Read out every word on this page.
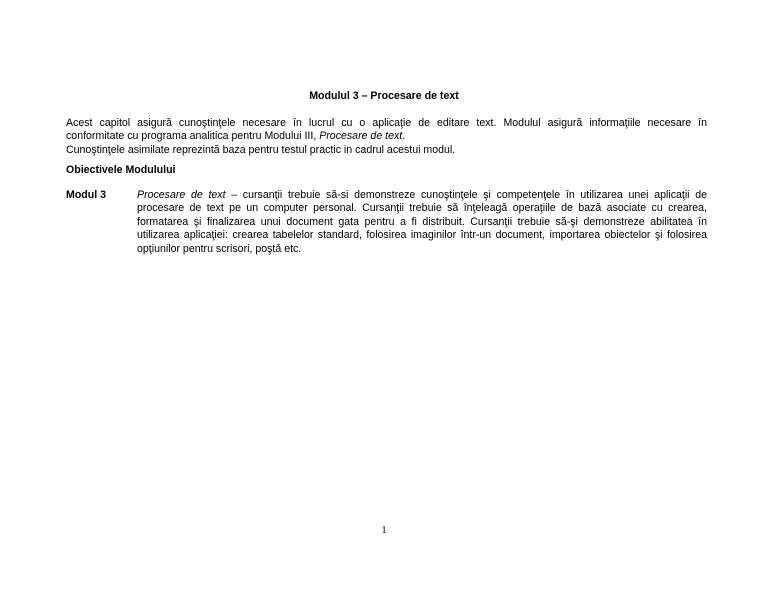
Modulul 3 – Procesare de text

Acest capitol asigură cunoştinţele necesare în lucrul cu o aplicaţie de editare text. Modulul asigură informaţiile necesare în

conformitate cu programa analitica pentru Modului III, Procesare de text.

Cunoştinţele asimilate reprezintă baza pentru testul practic in cadrul acestui modul.

Obiectivele Modulului
Modul 3	Procesare de text – cursanţii trebuie să-si demonstreze cunoştinţele şi competenţele în utilizarea unei aplicaţii de procesare de text pe un computer personal. Cursanţii trebuie să înţeleagă operaţiile de bază asociate cu crearea, formatarea şi finalizarea unui document gata pentru a fi distribuit. Cursanţii trebuie să-şi demonstreze abilitatea în utilizarea aplicaţiei: crearea tabelelor standard, folosirea imaginilor într-un document, importarea obiectelor şi folosirea opţiunilor pentru scrisori, poştă etc.

1
